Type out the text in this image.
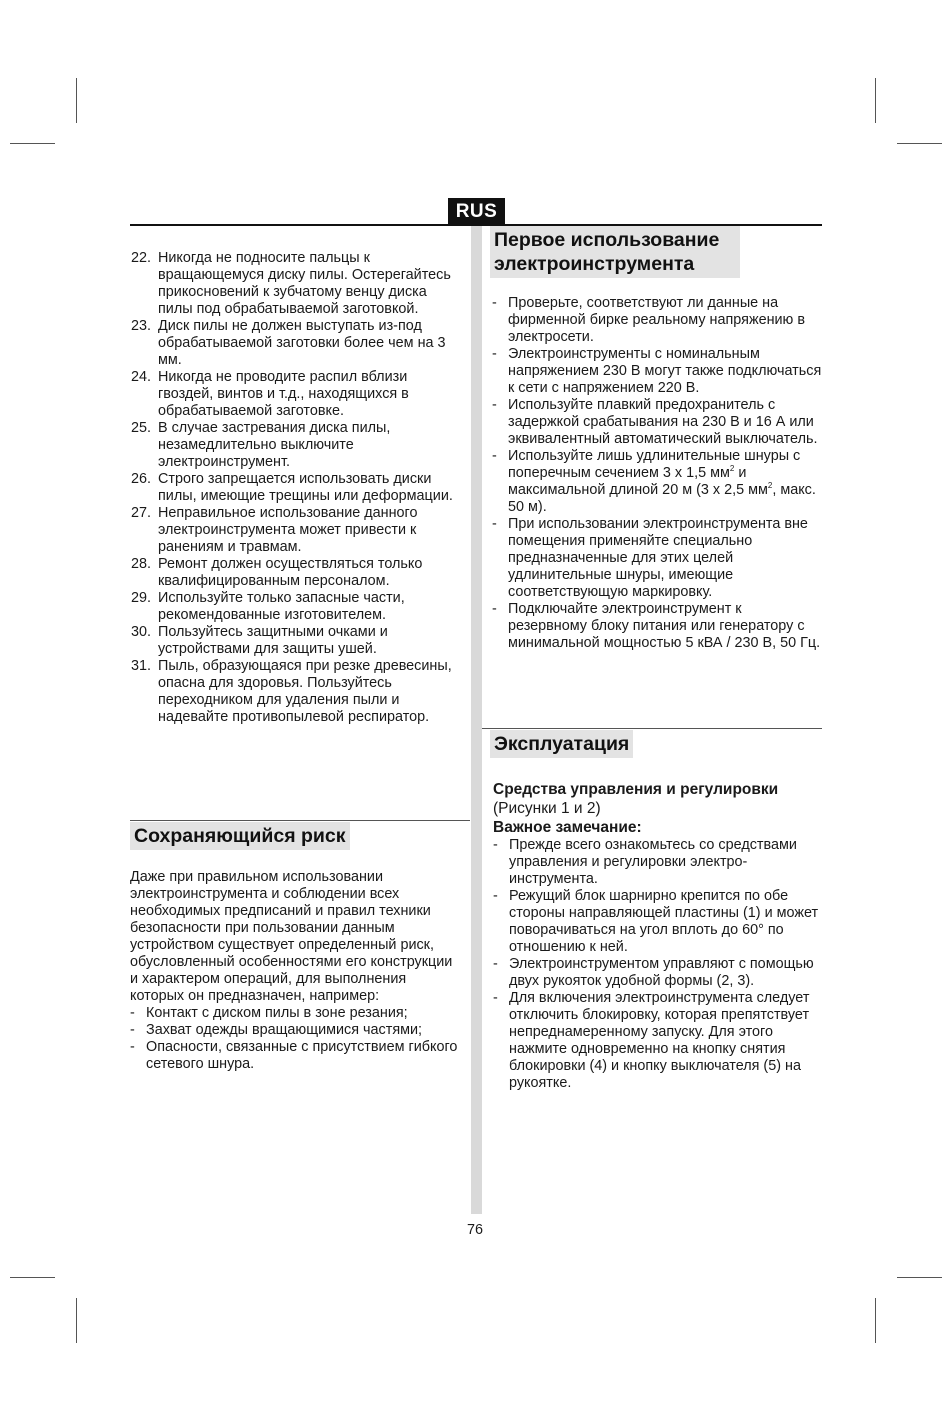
RUS
22. Никогда не подносите пальцы к вращающемуся диску пилы. Остерегайтесь прикосновений к зубчатому венцу диска пилы под обрабатываемой заготовкой.
23. Диск пилы не должен выступать из-под обрабатываемой заготовки более чем на 3 мм.
24. Никогда не проводите распил вблизи гвоздей, винтов и т.д., находящихся в обрабатываемой заготовке.
25. В случае застревания диска пилы, незамедлительно выключите электроинструмент.
26. Строго запрещается использовать диски пилы, имеющие трещины или деформации.
27. Неправильное использование данного электроинструмента может привести к ранениям и травмам.
28. Ремонт должен осуществляться только квалифицированным персоналом.
29. Используйте только запасные части, рекомендованные изготовителем.
30. Пользуйтесь защитными очками и устройствами для защиты ушей.
31. Пыль, образующаяся при резке древесины, опасна для здоровья. Пользуйтесь переходником для удаления пыли и надевайте противопылевой респиратор.
Сохраняющийся риск

Даже при правильном использовании электроинструмента и соблюдении всех необходимых предписаний и правил техники безопасности при пользовании данным устройством существует определенный риск, обусловленный особенностями его конструкции и характером операций, для выполнения которых он предназначен, например:

- Контакт с диском пилы в зоне резания;
- Захват одежды вращающимися частями;
- Опасности, связанные с присутствием гибкого сетевого шнура.
Первое использование
электроинструмента
- Проверьте, соответствуют ли данные на фирменной бирке реальному напряжению в электросети.
- Электроинструменты с номинальным напряжением 230 В могут также подключаться к сети с напряжением 220 В.
- Используйте плавкий предохранитель с задержкой срабатывания на 230 В и 16 А или эквивалентный автоматический выключатель.
- Используйте лишь удлинительные шнуры с поперечным сечением 3 x 1,5 $мм^2$ и максимальной длиной 20 м (3 x 2,5 $мм^2$, макс. 50 м).
- При использовании электроинструмента вне помещения применяйте специально предназначенные для этих целей удлинительные шнуры, имеющие соответствующую маркировку.
- Подключайте электроинструмент к резервному блоку питания или генератору с минимальной мощностью 5 кВА / 230 В, 50 Гц.
Эксплуатация
Средства управления и регулировки
(Рисунки 1 и 2)
Важное замечание:
- Прежде всего ознакомьтесь со средствами управления и регулировки электро-инструмента.
- Режущий блок шарнирно крепится по обе стороны направляющей пластины (1) и может поворачиваться на угол вплоть до 60° по отношению к ней.
- Электроинструментом управляют с помощью двух рукояток удобной формы (2, 3).
- Для включения электроинструмента следует отключить блокировку, которая препятствует непреднамеренному запуску. Для этого нажмите одновременно на кнопку снятия блокировки (4) и кнопку выключателя (5) на рукоятке.
76
